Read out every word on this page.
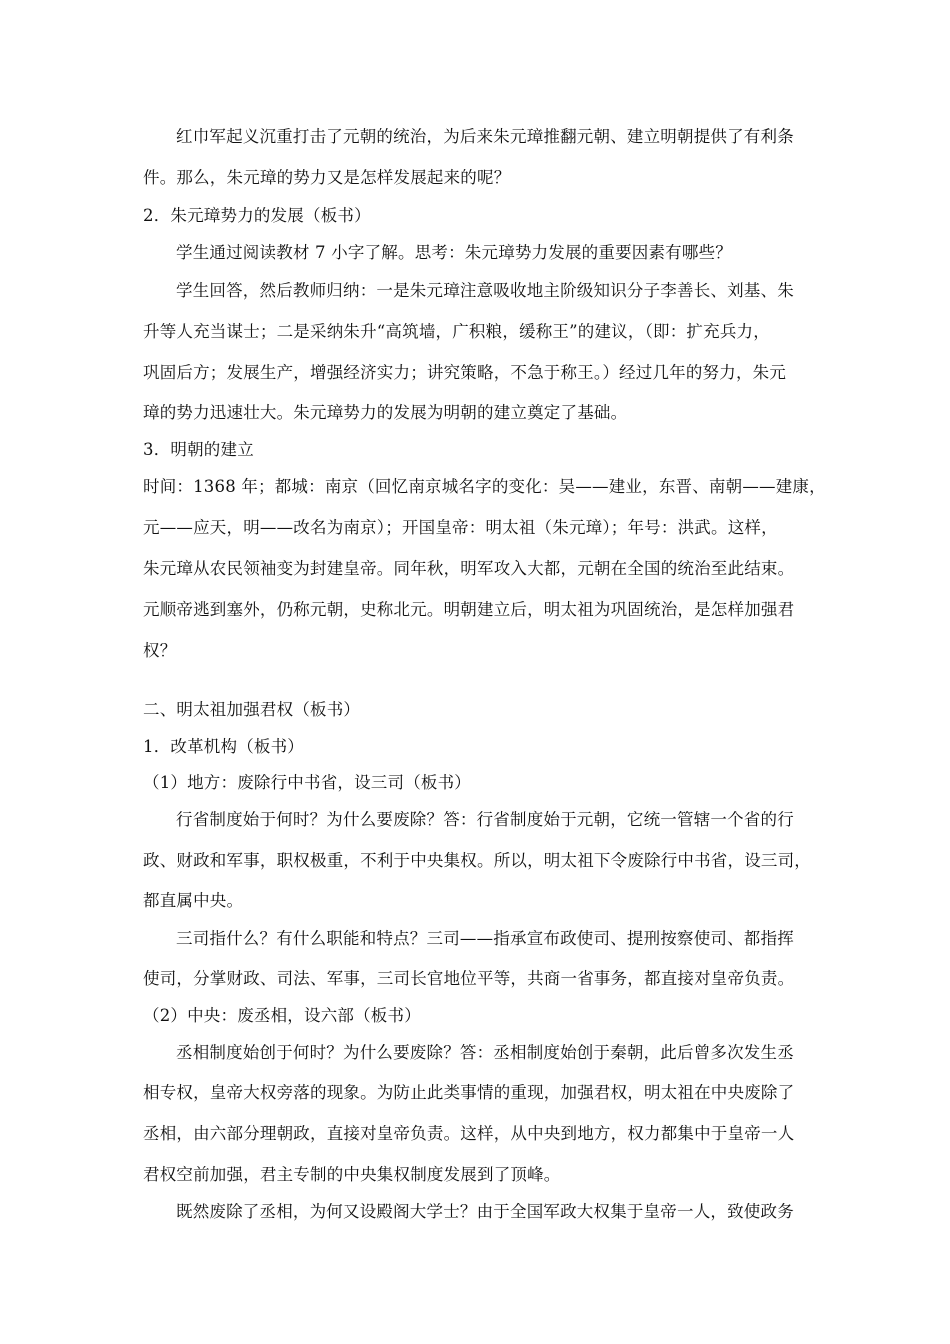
红巾军起义沉重打击了元朝的统治，为后来朱元璋推翻元朝、建立明朝提供了有利条
件。那么，朱元璋的势力又是怎样发展起来的呢？
2．朱元璋势力的发展（板书）
学生通过阅读教材 7 小字了解。思考：朱元璋势力发展的重要因素有哪些？
学生回答，然后教师归纳：一是朱元璋注意吸收地主阶级知识分子李善长、刘基、朱
升等人充当谋士；二是采纳朱升“高筑墙，广积粮，缓称王”的建议，（即：扩充兵力，
巩固后方；发展生产，增强经济实力；讲究策略，不急于称王。）经过几年的努力，朱元
璋的势力迅速壮大。朱元璋势力的发展为明朝的建立奠定了基础。
3．明朝的建立
时间：1368 年；都城：南京（回忆南京城名字的变化：吴——建业，东晋、南朝——建康，
元——应天，明——改名为南京）；开国皇帝：明太祖（朱元璋）；年号：洪武。这样，
朱元璋从农民领袖变为封建皇帝。同年秋，明军攻入大都，元朝在全国的统治至此结束。
元顺帝逃到塞外，仍称元朝，史称北元。明朝建立后，明太祖为巩固统治，是怎样加强君
权？
二、明太祖加强君权（板书）
1．改革机构（板书）
（1）地方：废除行中书省，设三司（板书）
行省制度始于何时？为什么要废除？答：行省制度始于元朝，它统一管辖一个省的行
政、财政和军事，职权极重，不利于中央集权。所以，明太祖下令废除行中书省，设三司，
都直属中央。
三司指什么？有什么职能和特点？三司——指承宣布政使司、提刑按察使司、都指挥
使司，分掌财政、司法、军事，三司长官地位平等，共商一省事务，都直接对皇帝负责。
（2）中央：废丞相，设六部（板书）
丞相制度始创于何时？为什么要废除？答：丞相制度始创于秦朝，此后曾多次发生丞
相专权，皇帝大权旁落的现象。为防止此类事情的重现，加强君权，明太祖在中央废除了
丞相，由六部分理朝政，直接对皇帝负责。这样，从中央到地方，权力都集中于皇帝一人
君权空前加强，君主专制的中央集权制度发展到了顶峰。
既然废除了丞相，为何又设殿阁大学士？由于全国军政大权集于皇帝一人，致使政务
